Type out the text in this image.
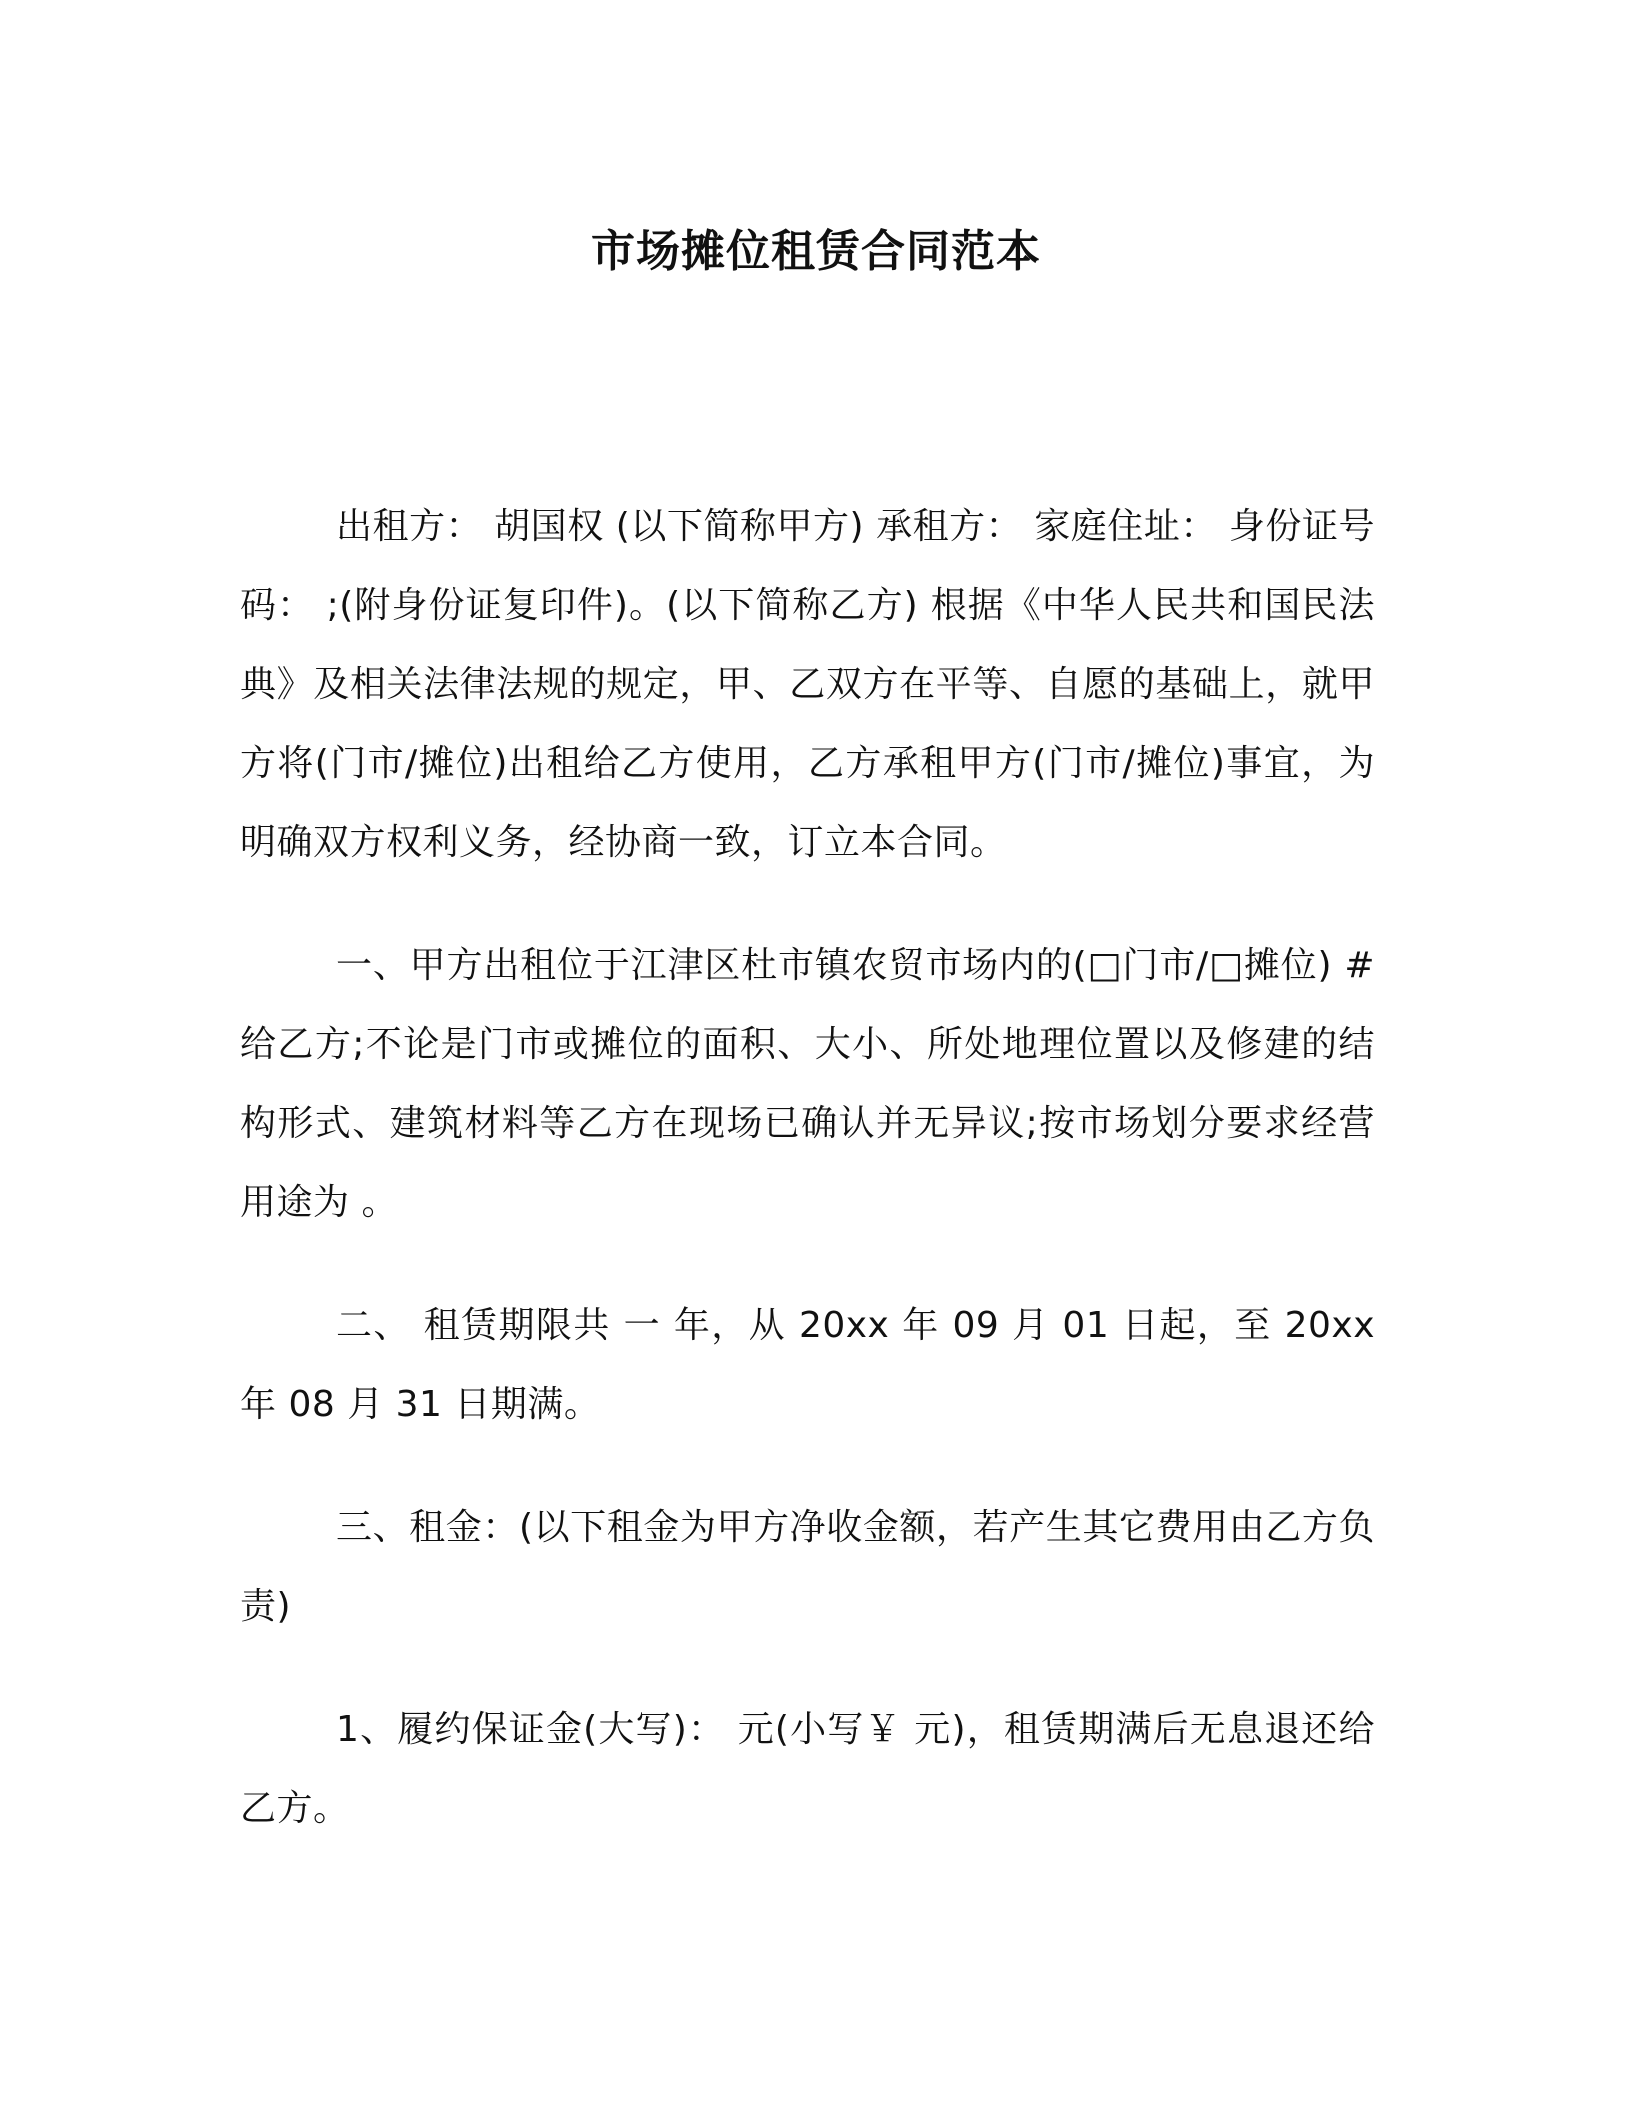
市场摊位租赁合同范本

出租方： 胡国权 (以下简称甲方) 承租方： 家庭住址： 身份证号码： ;(附身份证复印件)。(以下简称乙方) 根据《中华人民共和国民法典》及相关法律法规的规定，甲、乙双方在平等、自愿的基础上，就甲方将(门市/摊位)出租给乙方使用，乙方承租甲方(门市/摊位)事宜，为明确双方权利义务，经协商一致，订立本合同。

一、甲方出租位于江津区杜市镇农贸市场内的(□门市/□摊位) #给乙方;不论是门市或摊位的面积、大小、所处地理位置以及修建的结构形式、建筑材料等乙方在现场已确认并无异议;按市场划分要求经营用途为 。

二、 租赁期限共 一 年，从 20xx 年 09 月 01 日起，至 20xx 年 08 月 31 日期满。

三、租金：(以下租金为甲方净收金额，若产生其它费用由乙方负责)

1、履约保证金(大写)： 元(小写￥ 元)，租赁期满后无息退还给乙方。
